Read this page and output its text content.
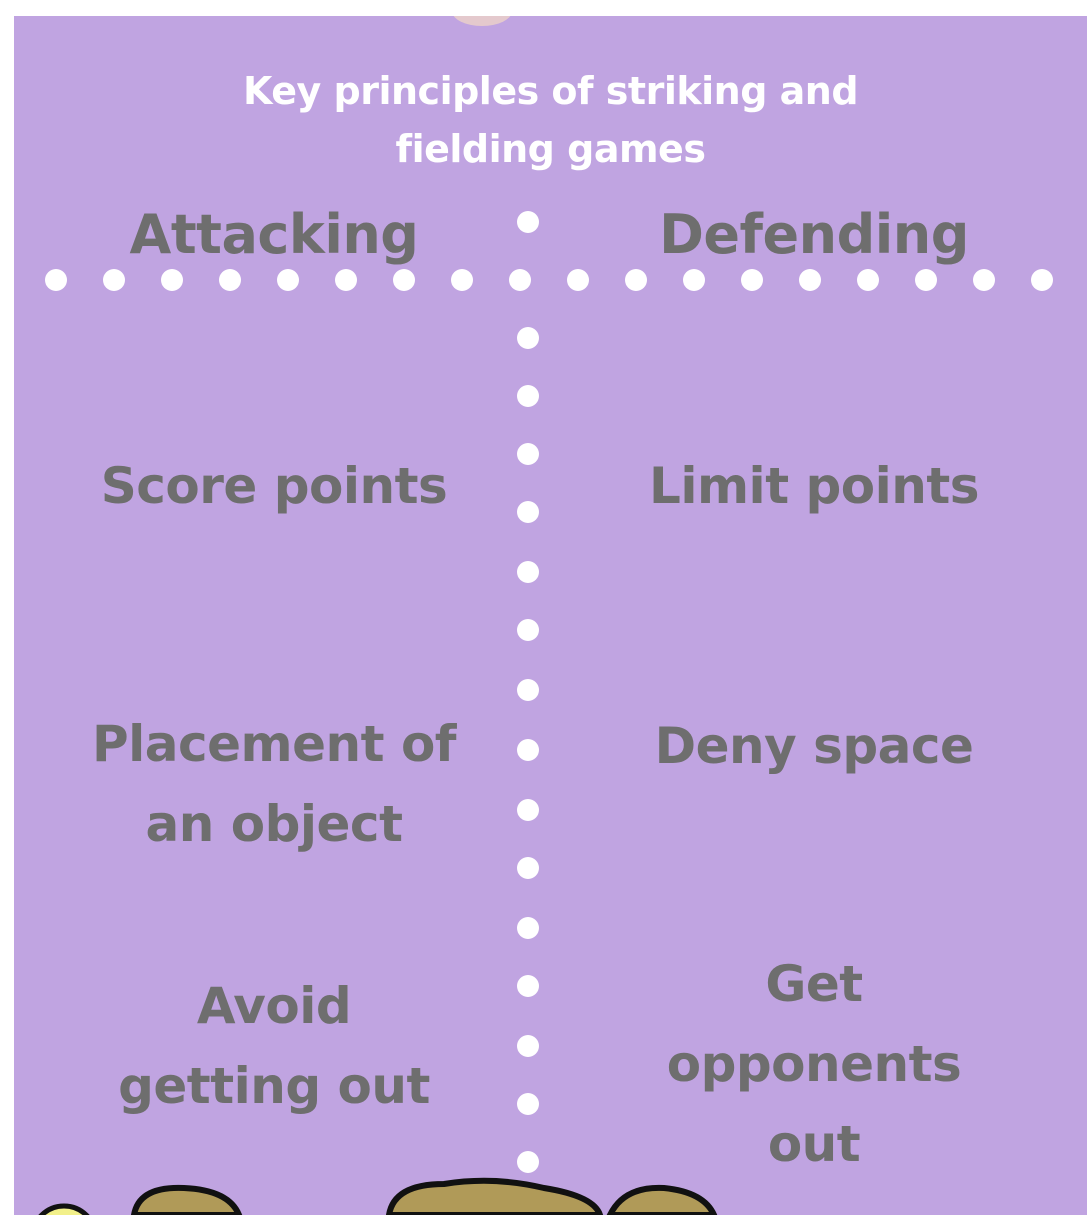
Key principles of striking and
fielding games
Attacking	Defending
Score points	Limit points
Placement of
an object
Deny space
Avoid
getting out
Get
opponents
out
